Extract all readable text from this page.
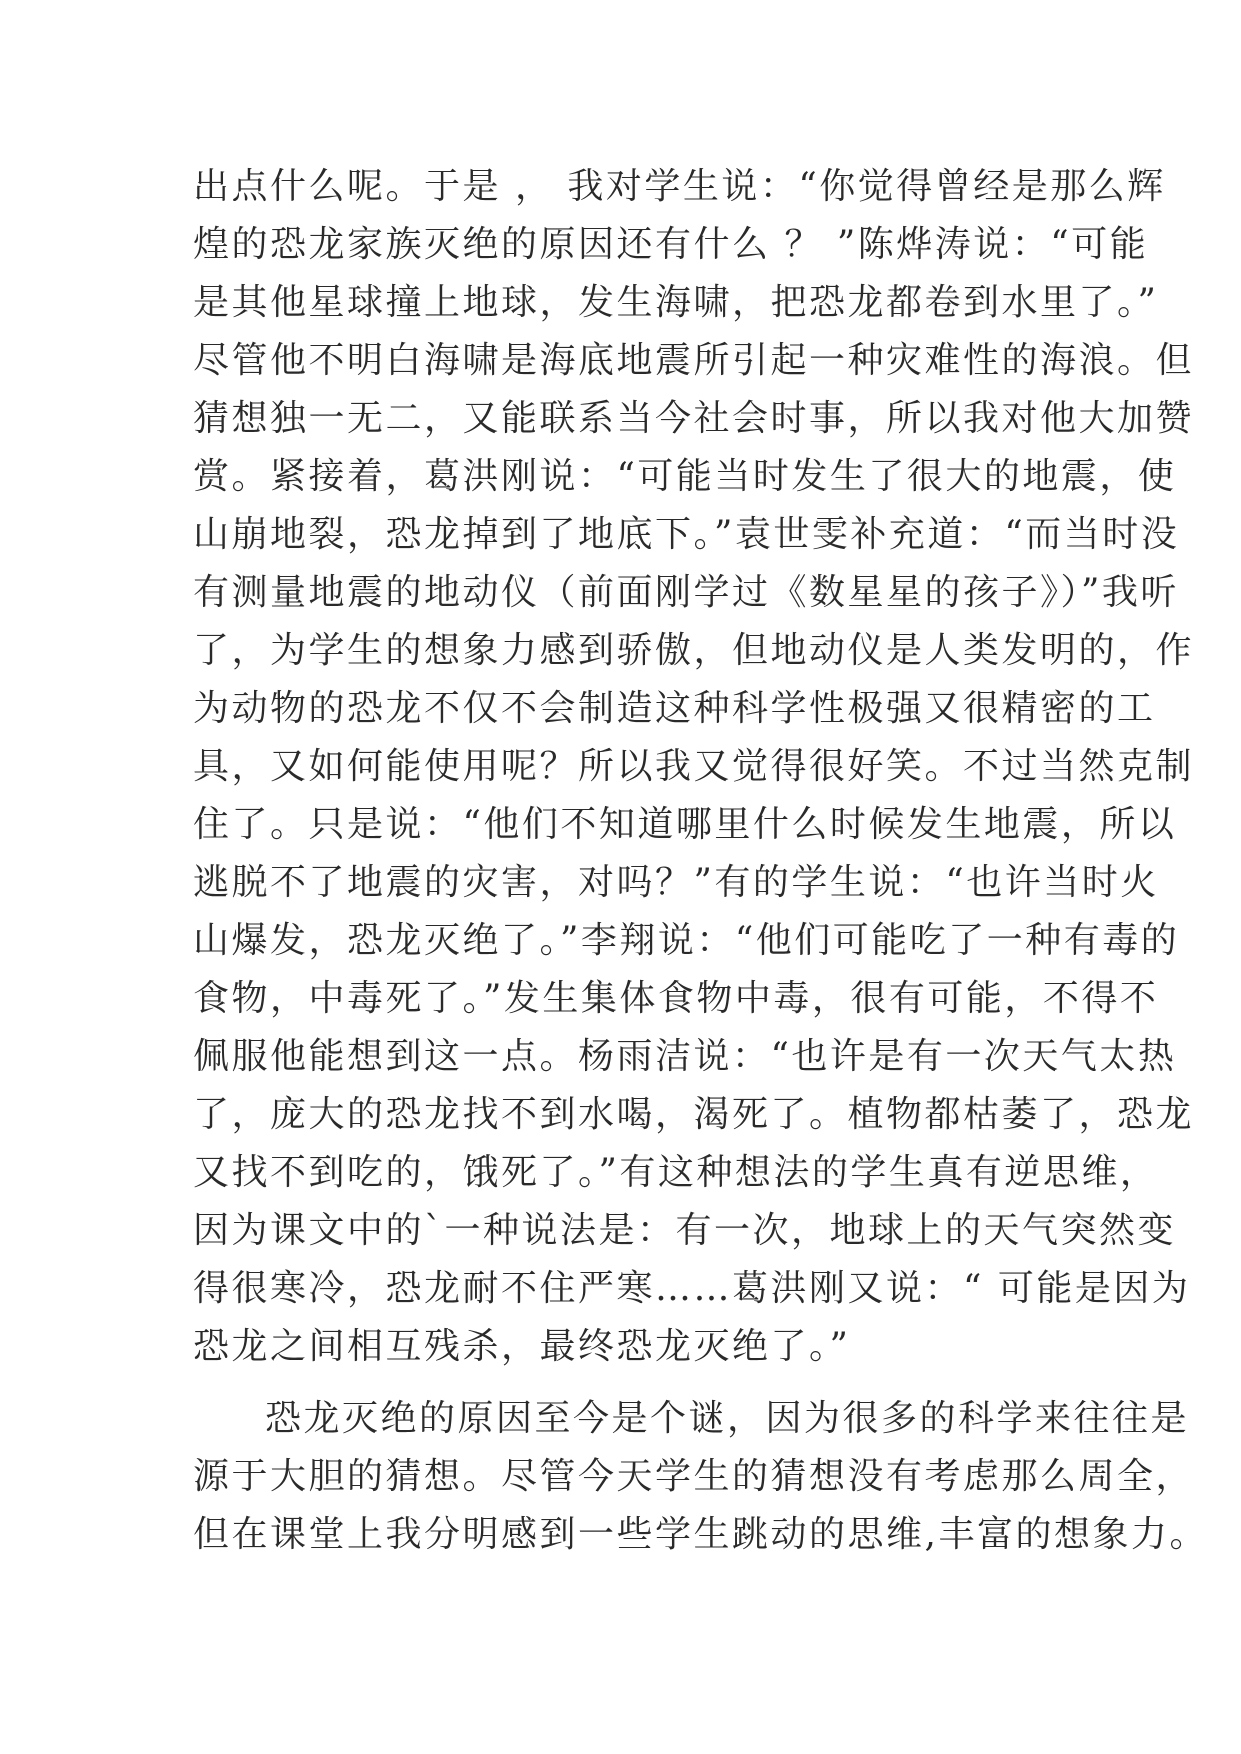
出点什么呢。于是 ， 我对学生说：“你觉得曾经是那么辉
煌的恐龙家族灭绝的原因还有什么 ？ ”陈烨涛说：“可能
是其他星球撞上地球，发生海啸，把恐龙都卷到水里了。”
尽管他不明白海啸是海底地震所引起一种灾难性的海浪。但
猜想独一无二，又能联系当今社会时事，所以我对他大加赞
赏。紧接着，葛洪刚说：“可能当时发生了很大的地震，使
山崩地裂，恐龙掉到了地底下。”袁世雯补充道：“而当时没
有测量地震的地动仪（前面刚学过《数星星的孩子》）”我听
了，为学生的想象力感到骄傲，但地动仪是人类发明的，作
为动物的恐龙不仅不会制造这种科学性极强又很精密的工
具，又如何能使用呢？所以我又觉得很好笑。不过当然克制
住了。只是说：“他们不知道哪里什么时候发生地震，所以
逃脱不了地震的灾害，对吗？”有的学生说：“也许当时火
山爆发，恐龙灭绝了。”李翔说：“他们可能吃了一种有毒的
食物，中毒死了。”发生集体食物中毒，很有可能，不得不
佩服他能想到这一点。杨雨洁说：“也许是有一次天气太热
了，庞大的恐龙找不到水喝，渴死了。植物都枯萎了，恐龙
又找不到吃的，饿死了。”有这种想法的学生真有逆思维，
因为课文中的`一种说法是：有一次，地球上的天气突然变
得很寒冷，恐龙耐不住严寒……葛洪刚又说：“ 可能是因为
恐龙之间相互残杀，最终恐龙灭绝了。”
恐龙灭绝的原因至今是个谜，因为很多的科学来往往是
源于大胆的猜想。尽管今天学生的猜想没有考虑那么周全，
但在课堂上我分明感到一些学生跳动的思维,丰富的想象力。
